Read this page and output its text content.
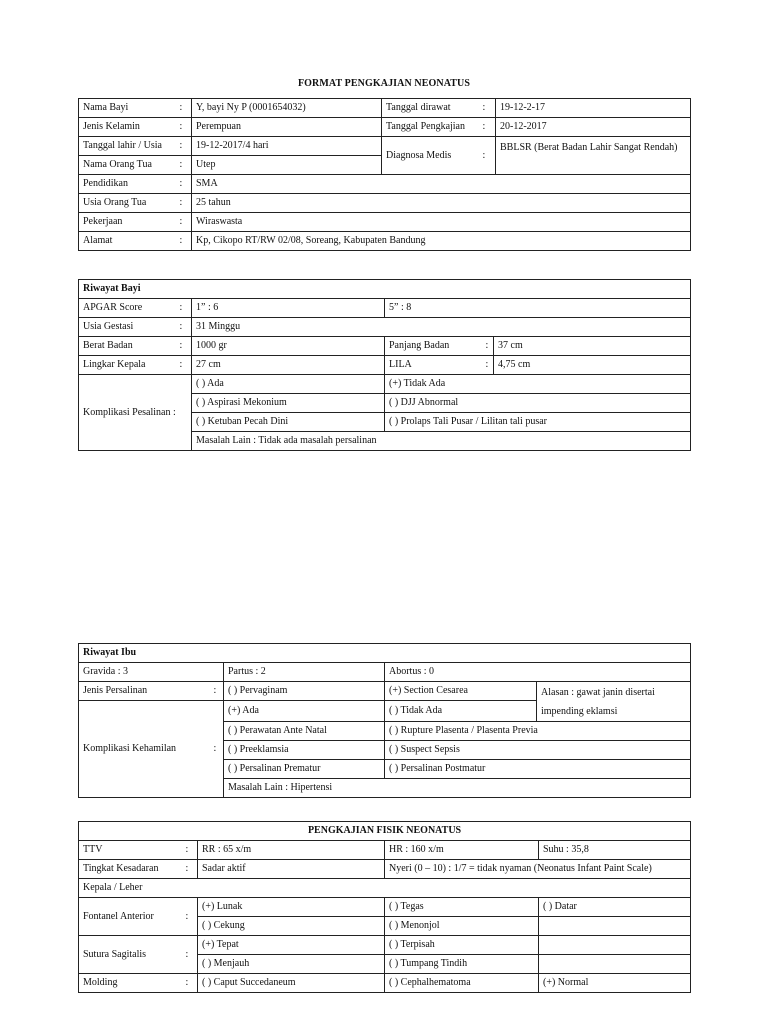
FORMAT PENGKAJIAN NEONATUS
Nama Bayi	:	Y, bayi Ny P (0001654032)	Tanggal dirawat	:	19-12-2-17
Jenis Kelamin	:	Perempuan	Tanggal Pengkajian	:	20-12-2017
Tanggal lahir / Usia	:	19-12-2017/4 hari	Diagnosa Medis	:	BBLSR (Berat Badan Lahir Sangat Rendah)
Nama Orang Tua	:	Utep			
Pendidikan	:	SMA			
Usia Orang Tua	:	25 tahun			
Pekerjaan	:	Wiraswasta			
Alamat	:	Kp, Cikopo RT/RW 02/08, Soreang, Kabupaten Bandung			
Riwayat Bayi					
APGAR Score	:	1” : 6	5” : 8		
Usia Gestasi	:	31 Minggu			
Berat Badan	:	1000 gr	Panjang Badan	:	37 cm
Lingkar Kepala	:	27 cm	LILA	:	4,75 cm
Komplikasi Pesalinan :		( ) Ada	(+) Tidak Ada		
		( ) Aspirasi Mekonium	( ) DJJ Abnormal		
		( ) Ketuban Pecah Dini	( ) Prolaps Tali Pusar / Lilitan tali pusar		
		Masalah Lain : Tidak ada masalah persalinan			
Riwayat Ibu				
Gravida : 3		Partus : 2	Abortus : 0	
Jenis Persalinan	:	( ) Pervaginam	(+) Section Cesarea	Alasan : gawat janin disertai impending eklamsi
Komplikasi Kehamilan	:	(+) Ada	( ) Tidak Ada	
		( ) Perawatan Ante Natal	( ) Rupture Plasenta / Plasenta Previa	
		( ) Preeklamsia	( ) Suspect Sepsis	
		( ) Persalinan Prematur	( ) Persalinan Postmatur	
		Masalah Lain : Hipertensi		
PENGKAJIAN FISIK NEONATUS				
TTV	:	RR : 65 x/m	HR : 160 x/m	Suhu : 35,8
Tingkat Kesadaran	:	Sadar aktif	Nyeri (0 – 10) : 1/7 = tidak nyaman (Neonatus Infant Paint Scale)	
Kepala / Leher				
Fontanel Anterior	:	(+) Lunak	( ) Tegas	( ) Datar
		( ) Cekung	( ) Menonjol	
Sutura Sagitalis	:	(+) Tepat	( ) Terpisah	
		( ) Menjauh	( ) Tumpang Tindih	
Molding	:	( ) Caput Succedaneum	( ) Cephalhematoma	(+) Normal
